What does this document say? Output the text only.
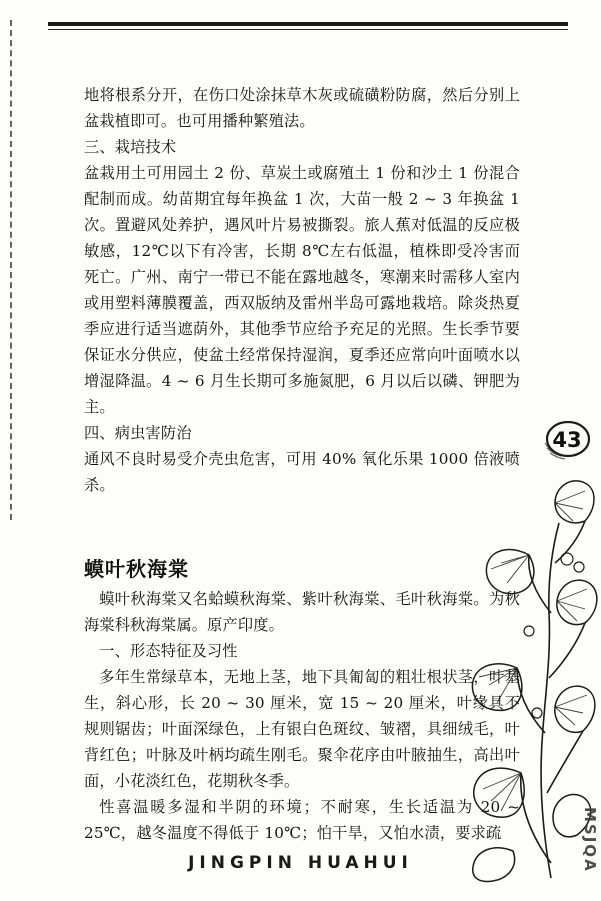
地将根系分开，在伤口处涂抹草木灰或硫磺粉防腐，然后分别上盆栽植即可。也可用播种繁殖法。

三、栽培技术

盆栽用土可用园土 2 份、草炭土或腐殖土 1 份和沙土 1 份混合配制而成。幼苗期宜每年换盆 1 次，大苗一般 2 ~ 3 年换盆 1 次。置避风处养护，遇风叶片易被撕裂。旅人蕉对低温的反应极敏感，12℃以下有冷害，长期 8℃左右低温，植株即受冷害而死亡。广州、南宁一带已不能在露地越冬，寒潮来时需移人室内或用塑料薄膜覆盖，西双版纳及雷州半岛可露地栽培。除炎热夏季应进行适当遮荫外，其他季节应给予充足的光照。生长季节要保证水分供应，使盆土经常保持湿润，夏季还应常向叶面喷水以增湿降温。4 ~ 6 月生长期可多施氮肥，6 月以后以磷、钾肥为主。

四、病虫害防治

通风不良时易受介壳虫危害，可用 40% 氧化乐果 1000 倍液喷杀。

43
蟆叶秋海棠

蟆叶秋海棠又名蛤蟆秋海棠、紫叶秋海棠、毛叶秋海棠。为秋海棠科秋海棠属。原产印度。

一、形态特征及习性

多年生常绿草本，无地上茎，地下具匍匐的粗壮根状茎，叶基生，斜心形，长 20 ~ 30 厘米，宽 15 ~ 20 厘米，叶缘具不规则锯齿；叶面深绿色，上有银白色斑纹、皱褶，具细绒毛，叶背红色；叶脉及叶柄均疏生刚毛。聚伞花序由叶腋抽生，高出叶面，小花淡红色，花期秋冬季。

性喜温暖多湿和半阴的环境；不耐寒，生长适温为 20 ~ 25℃，越冬温度不得低于 10℃；怕干旱，又怕水渍，要求疏

JINGPIN HUAHUI	MSJQA
